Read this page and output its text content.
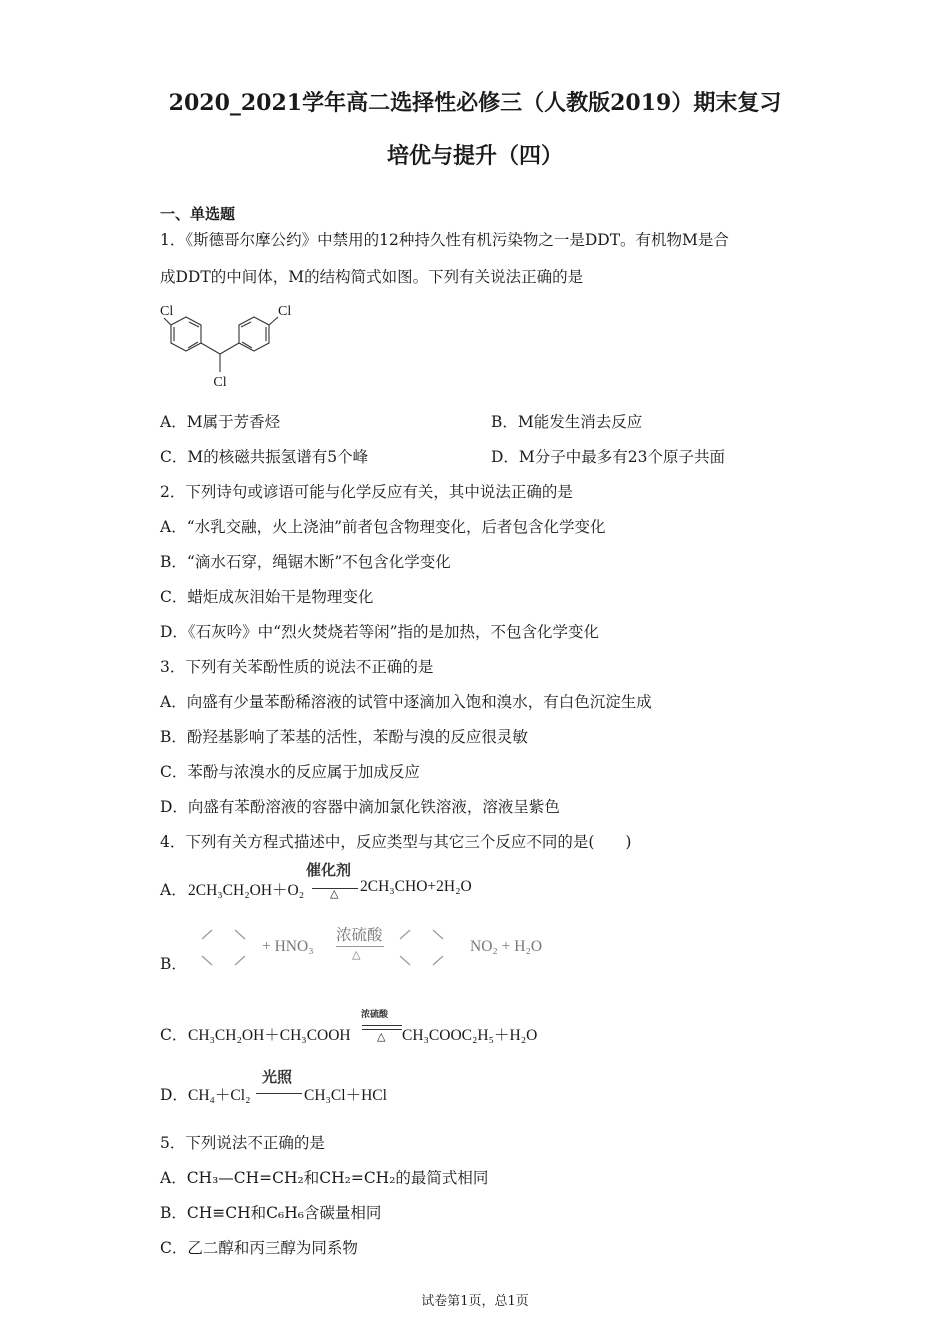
2020_2021学年高二选择性必修三（人教版2019）期末复习
培优与提升（四）
一、单选题
1．《斯德哥尔摩公约》中禁用的12种持久性有机污染物之一是DDT。有机物M是合
成DDT的中间体，M的结构简式如图。下列有关说法正确的是
Cl	Cl
Cl
A．M属于芳香烃	B．M能发生消去反应
C．M的核磁共振氢谱有5个峰	D．M分子中最多有23个原子共面
2．下列诗句或谚语可能与化学反应有关，其中说法正确的是
A．“水乳交融，火上浇油”前者包含物理变化，后者包含化学变化
B．“滴水石穿，绳锯木断”不包含化学变化
C．蜡炬成灰泪始干是物理变化
D．《石灰吟》中“烈火焚烧若等闲”指的是加热，不包含化学变化
3．下列有关苯酚性质的说法不正确的是
A．向盛有少量苯酚稀溶液的试管中逐滴加入饱和溴水，有白色沉淀生成
B．酚羟基影响了苯基的活性，苯酚与溴的反应很灵敏
C．苯酚与浓溴水的反应属于加成反应
D．向盛有苯酚溶液的容器中滴加氯化铁溶液，溶液呈紫色
4．下列有关方程式描述中，反应类型与其它三个反应不同的是(　　)
A． 2CH₃CH₂OH＋O₂
催化剂
△ 2CH₃CHO+2H₂O
B．
+ HNO₃
浓硫酸
△	NO₂ + H₂O
C． CH₃CH₂OH＋CH₃COOH
浓硫酸
△ CH₃COOC₂H₅＋H₂O
D． CH₄＋Cl₂
光照
CH₃Cl＋HCl
5．下列说法不正确的是
A．CH₃—CH=CH₂和CH₂=CH₂的最简式相同
B．CH≡CH和C₆H₆含碳量相同
C．乙二醇和丙三醇为同系物
试卷第1页，总1页
